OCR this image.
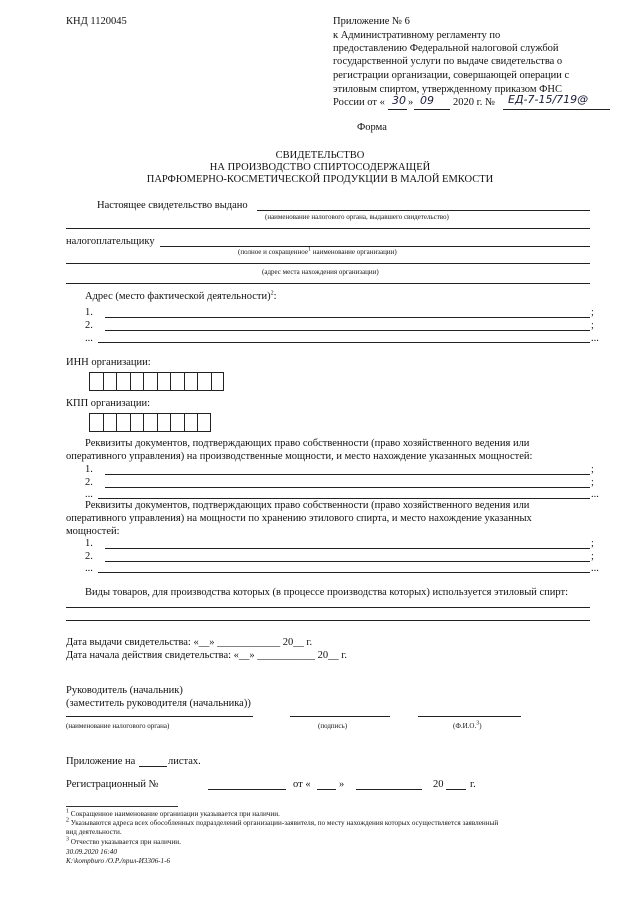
КНД 1120045	Приложение № 6
к Административному регламенту по
предоставлению Федеральной налоговой службой
государственной услуги по выдаче свидетельства о
регистрации организации, совершающей операции с
этиловым спиртом, утвержденному приказом ФНС
России от « 30 » 09 2020 г. № ЕД-7-15/719@
Форма
СВИДЕТЕЛЬСТВО
НА ПРОИЗВОДСТВО СПИРТОСОДЕРЖАЩЕЙ
ПАРФЮМЕРНО-КОСМЕТИЧЕСКОЙ ПРОДУКЦИИ В МАЛОЙ ЕМКОСТИ
Настоящее свидетельство выдано
(наименование налогового органа, выдавшего свидетельство)
налогоплательщику
(полное и сокращенное$^1$ наименование организации)
(адрес места нахождения организации)
Адрес (место фактической деятельности)$^2$:
1.	;
2.	;
...	...
ИНН организации:
КПП организации:
Реквизиты документов, подтверждающих право собственности (право хозяйственного ведения или
оперативного управления) на производственные мощности, и место нахождение указанных мощностей:
1.	;
2.	;
...	...
Реквизиты документов, подтверждающих право собственности (право хозяйственного ведения или
оперативного управления) на мощности по хранению этилового спирта, и место нахождение указанных
мощностей:
1.	;
2.	;
...	...
Виды товаров, для производства которых (в процессе производства которых) используется этиловый спирт:
Дата выдачи свидетельства: «__» ____________ 20__ г.
Дата начала действия свидетельства: «__» ___________ 20__ г.
Руководитель (начальник)
(заместитель руководителя (начальника))
(наименование налогового органа)	(подпись)	(Ф.И.О.$^3$)
Приложение на	листах.
Регистрационный №	от «	»	20	г.
$^1$ Сокращенное наименование организации указывается при наличии.
$^2$ Указываются адреса всех обособленных подразделений организации-заявителя, по месту нахождения которых осуществляется заявленный
вид деятельности.
$^3$ Отчество указывается при наличии.
30.09.2020 16:40
К:\kompburo /О.Р./прил-И3306-1-6
